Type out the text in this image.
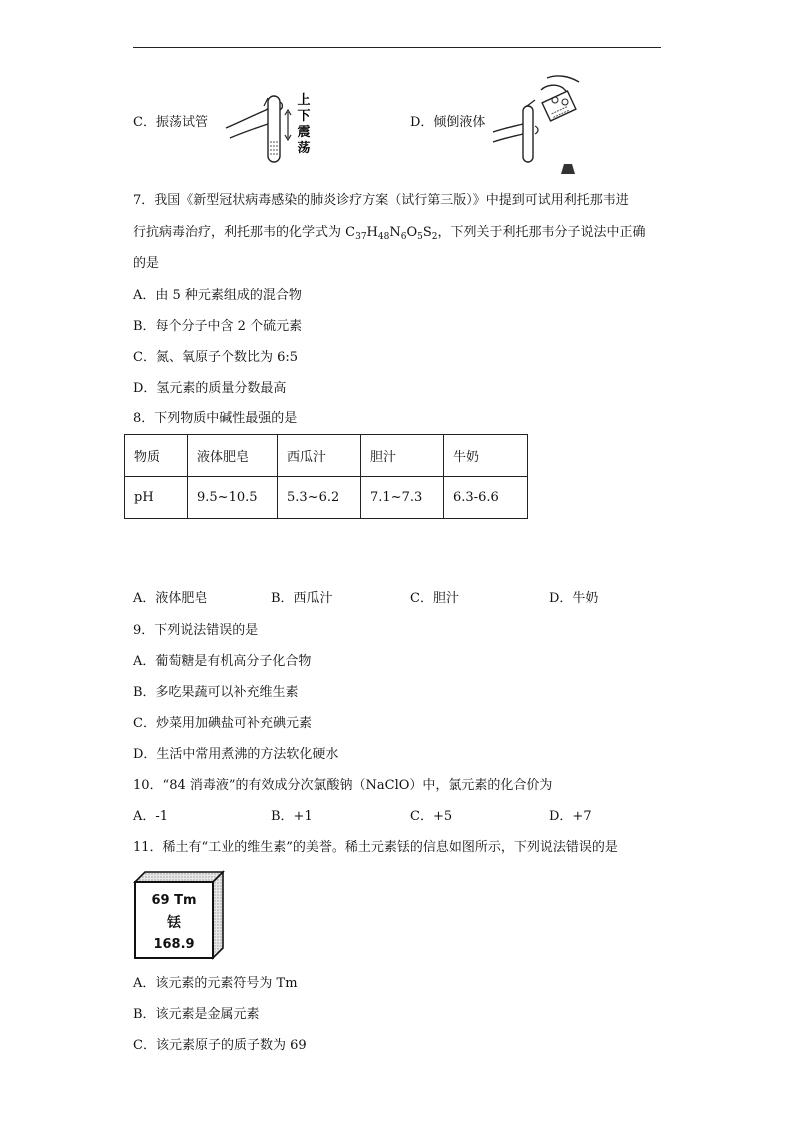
C．振荡试管
上
下
震
荡
D．倾倒液体
7．我国《新型冠状病毒感染的肺炎诊疗方案（试行第三版）》中提到可试用利托那韦进
行抗病毒治疗，利托那韦的化学式为 $C_{37}H_{48}N_6O_5S_2$，下列关于利托那韦分子说法中正确
的是
A．由 5 种元素组成的混合物
B．每个分子中含 2 个硫元素
C．氮、氧原子个数比为 6:5
D．氢元素的质量分数最高
8．下列物质中碱性最强的是
物质	液体肥皂	西瓜汁	胆汁	牛奶
pH	9.5~10.5	5.3~6.2	7.1~7.3	6.3-6.6
A．液体肥皂	B．西瓜汁	C．胆汁	D．牛奶
9．下列说法错误的是
A．葡萄糖是有机高分子化合物
B．多吃果蔬可以补充维生素
C．炒菜用加碘盐可补充碘元素
D．生活中常用煮沸的方法软化硬水
10．“84 消毒液”的有效成分次氯酸钠（NaClO）中，氯元素的化合价为
A．-1	B．+1	C．+5	D．+7
11．稀土有“工业的维生素”的美誉。稀土元素铥的信息如图所示，下列说法错误的是
69 Tm
铥
168.9
A．该元素的元素符号为 Tm
B．该元素是金属元素
C．该元素原子的质子数为 69
